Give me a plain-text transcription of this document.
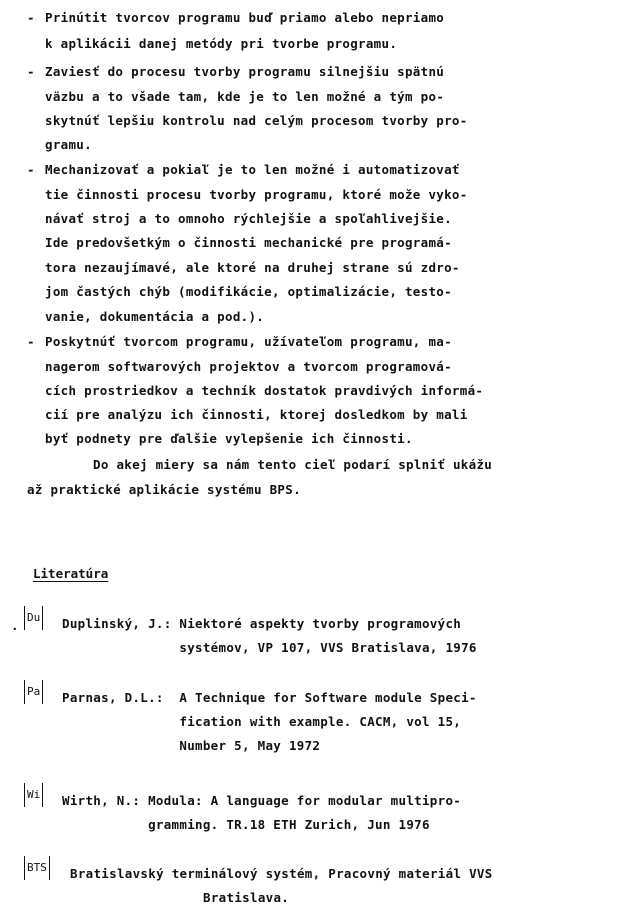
- Prinútit tvorcov programu buď priamo alebo nepriamo
k aplikácii danej metódy pri tvorbe programu.
- Zaviesť do procesu tvorby programu silnejšiu spätnú
väzbu a to všade tam, kde je to len možné a tým po-
skytnúť lepšiu kontrolu nad celým procesom tvorby pro-
gramu.
- Mechanizovať a pokiaľ je to len možné i automatizovať
tie činnosti procesu tvorby programu, ktoré može vyko-
návať stroj a to omnoho rýchlejšie a spoľahlivejšie.
Ide predovšetkým o činnosti mechanické pre programá-
tora nezaujímavé, ale ktoré na druhej strane sú zdro-
jom častých chýb (modifikácie, optimalizácie, testo-
vanie, dokumentácia a pod.).
- Poskytnúť tvorcom programu, užívateľom programu, ma-
nagerom softwarových projektov a tvorcom programová-
cích prostriedkov a techník dostatok pravdivých informá-
cií pre analýzu ich činnosti, ktorej dosledkom by mali
byť podnety pre ďalšie vylepšenie ich činnosti.
Do akej miery sa nám tento cieľ podarí splniť ukážu
až praktické aplikácie systému BPS.
Literatúra
.
Du Duplinský, J.: Niektoré aspekty tvorby programových
systémov, VP 107, VVS Bratislava, 1976
Pa Parnas, D.L.:  A Technique for Software module Speci-
fication with example. CACM, vol 15,
Number 5, May 1972
Wi Wirth, N.: Modula: A language for modular multipro-
gramming. TR.18 ETH Zurich, Jun 1976
BTS Bratislavský terminálový systém, Pracovný materiál VVS
Bratislava.
